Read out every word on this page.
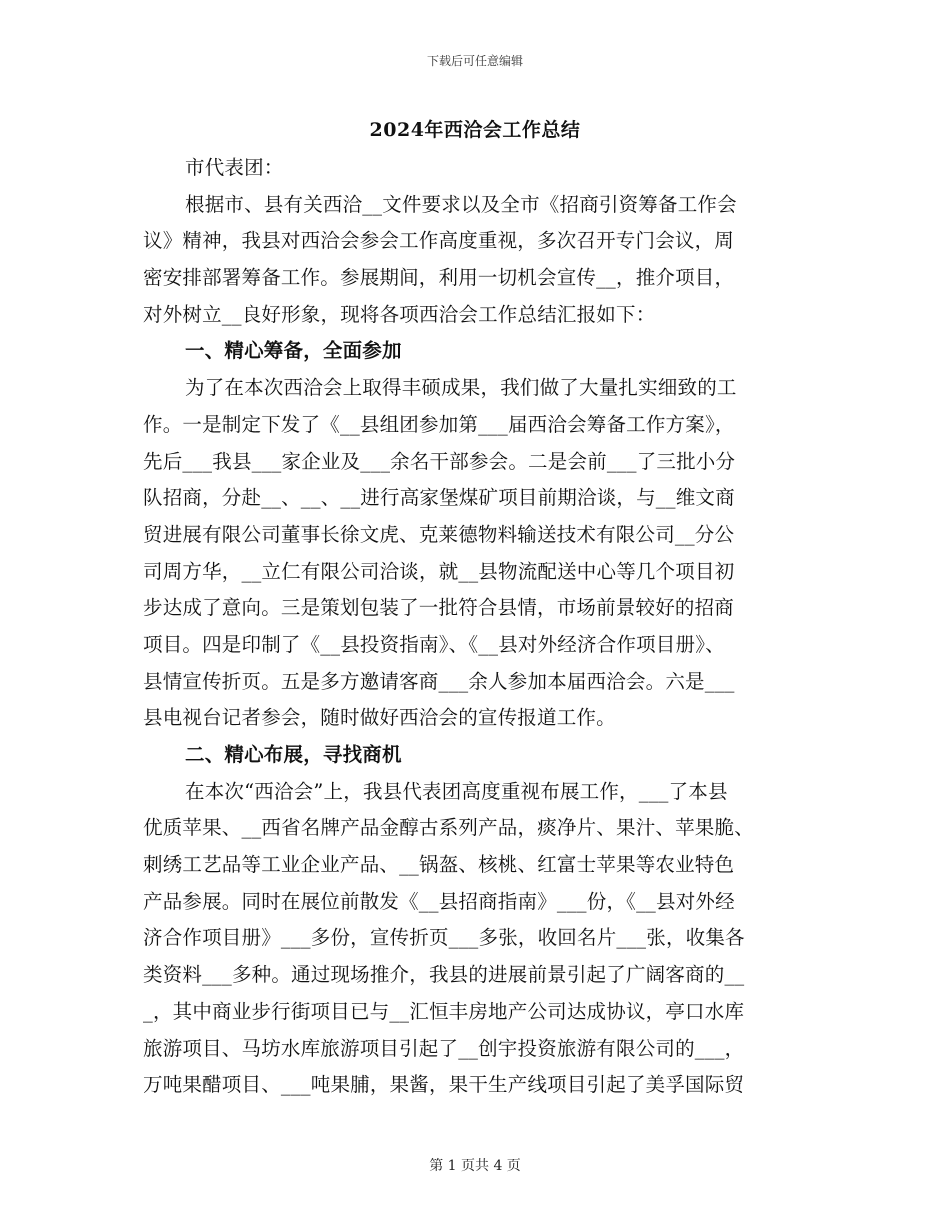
下载后可任意编辑
2024年西洽会工作总结
市代表团：
根据市、县有关西洽__文件要求以及全市《招商引资筹备工作会
议》精神，我县对西洽会参会工作高度重视，多次召开专门会议，周
密安排部署筹备工作。参展期间，利用一切机会宣传__，推介项目，
对外树立__良好形象，现将各项西洽会工作总结汇报如下：
一、精心筹备，全面参加
为了在本次西洽会上取得丰硕成果，我们做了大量扎实细致的工
作。一是制定下发了《__县组团参加第___届西洽会筹备工作方案》，
先后___我县___家企业及___余名干部参会。二是会前___了三批小分
队招商，分赴__、__、__进行高家堡煤矿项目前期洽谈，与__维文商
贸进展有限公司董事长徐文虎、克莱德物料输送技术有限公司__分公
司周方华，__立仁有限公司洽谈，就__县物流配送中心等几个项目初
步达成了意向。三是策划包装了一批符合县情，市场前景较好的招商
项目。四是印制了《__县投资指南》、《__县对外经济合作项目册》、
县情宣传折页。五是多方邀请客商___余人参加本届西洽会。六是___
县电视台记者参会，随时做好西洽会的宣传报道工作。
二、精心布展，寻找商机
在本次“西洽会”上，我县代表团高度重视布展工作，___了本县
优质苹果、__西省名牌产品金醇古系列产品，痰净片、果汁、苹果脆、
刺绣工艺品等工业企业产品、__锅盔、核桃、红富士苹果等农业特色
产品参展。同时在展位前散发《__县招商指南》___份，《__县对外经
济合作项目册》___多份，宣传折页___多张，收回名片___张，收集各
类资料___多种。通过现场推介，我县的进展前景引起了广阔客商的__
_，其中商业步行街项目已与__汇恒丰房地产公司达成协议，亭口水库
旅游项目、马坊水库旅游项目引起了__创宇投资旅游有限公司的___，
万吨果醋项目、___吨果脯，果酱，果干生产线项目引起了美孚国际贸
第 1 页共 4 页
